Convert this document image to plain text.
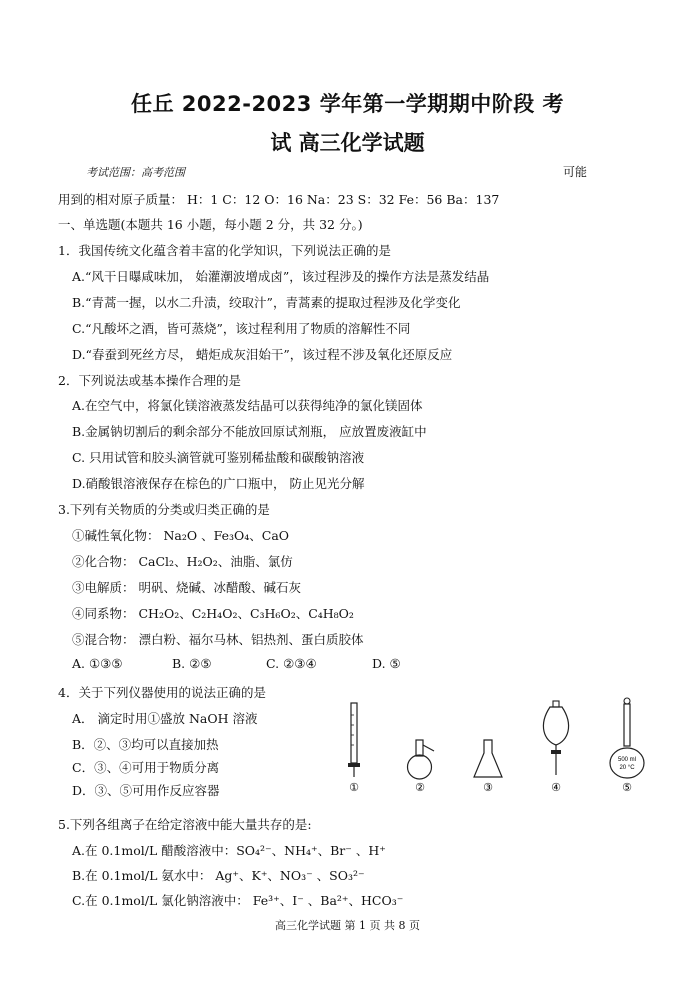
任丘 2022-2023 学年第一学期期中阶段 考
试 高三化学试题
考试范围：高考范围	可能
用到的相对原子质量： H：1 C：12 O：16 Na：23 S：32 Fe：56 Ba：137
一、单选题(本题共 16 小题，每小题 2 分，共 32 分。)
1．我国传统文化蕴含着丰富的化学知识，下列说法正确的是
A.“风干日曝咸味加， 始灌潮波增成卤”，该过程涉及的操作方法是蒸发结晶
B.“青蒿一握，以水二升渍，绞取汁”，青蒿素的提取过程涉及化学变化
C.“凡酸坏之酒，皆可蒸烧”，该过程利用了物质的溶解性不同
D.“春蚕到死丝方尽， 蜡炬成灰泪始干”，该过程不涉及氧化还原反应
2．下列说法或基本操作合理的是
A.在空气中，将氯化镁溶液蒸发结晶可以获得纯净的氯化镁固体
B.金属钠切割后的剩余部分不能放回原试剂瓶， 应放置废液缸中
C. 只用试管和胶头滴管就可鉴别稀盐酸和碳酸钠溶液
D.硝酸银溶液保存在棕色的广口瓶中， 防止见光分解
3.下列有关物质的分类或归类正确的是
①碱性氧化物： Na₂O 、Fe₃O₄、CaO
②化合物： CaCl₂、H₂O₂、油脂、氯仿
③电解质： 明矾、烧碱、冰醋酸、碱石灰
④同系物： CH₂O₂、C₂H₄O₂、C₃H₆O₂、C₄H₈O₂
⑤混合物： 漂白粉、福尔马林、铝热剂、蛋白质胶体
A. ①③⑤	B. ②⑤	C. ②③④	D. ⑤
4．关于下列仪器使用的说法正确的是
A． 滴定时用①盛放 NaOH 溶液
B．②、③均可以直接加热
C．③、④可用于物质分离
D．③、⑤可用作反应容器
500 ml
20 °C
①	②	③	④	⑤
5.下列各组离子在给定溶液中能大量共存的是:
A.在 0.1mol/L 醋酸溶液中：SO₄²⁻、NH₄⁺、Br⁻ 、H⁺
B.在 0.1mol/L 氨水中： Ag⁺、K⁺、NO₃⁻ 、SO₃²⁻
C.在 0.1mol/L 氯化钠溶液中： Fe³⁺、I⁻ 、Ba²⁺、HCO₃⁻
高三化学试题 第 1 页 共 8 页
